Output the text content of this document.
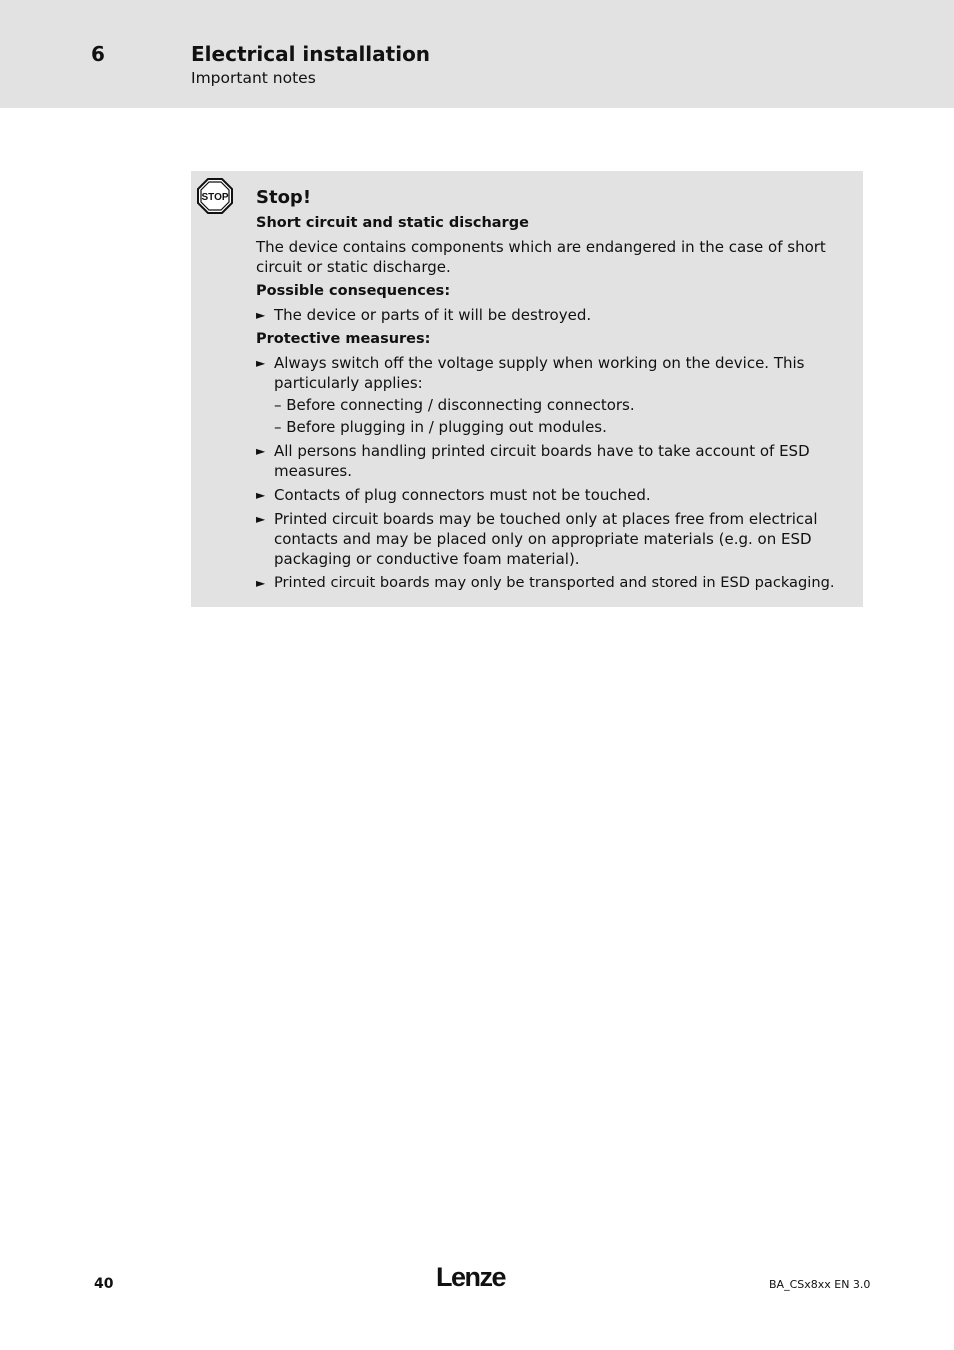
6	Electrical installation
Important notes
STOP Stop!
Short circuit and static discharge
The device contains components which are endangered in the case of short circuit or static discharge.
Possible consequences:
► The device or parts of it will be destroyed.
Protective measures:
► Always switch off the voltage supply when working on the device. This particularly applies:
– Before connecting / disconnecting connectors.
– Before plugging in / plugging out modules.
► All persons handling printed circuit boards have to take account of ESD measures.
► Contacts of plug connectors must not be touched.
► Printed circuit boards may be touched only at places free from electrical contacts and may be placed only on appropriate materials (e.g. on ESD packaging or conductive foam material).
► Printed circuit boards may only be transported and stored in ESD packaging.
40	Lenze	BA_CSx8xx EN 3.0
